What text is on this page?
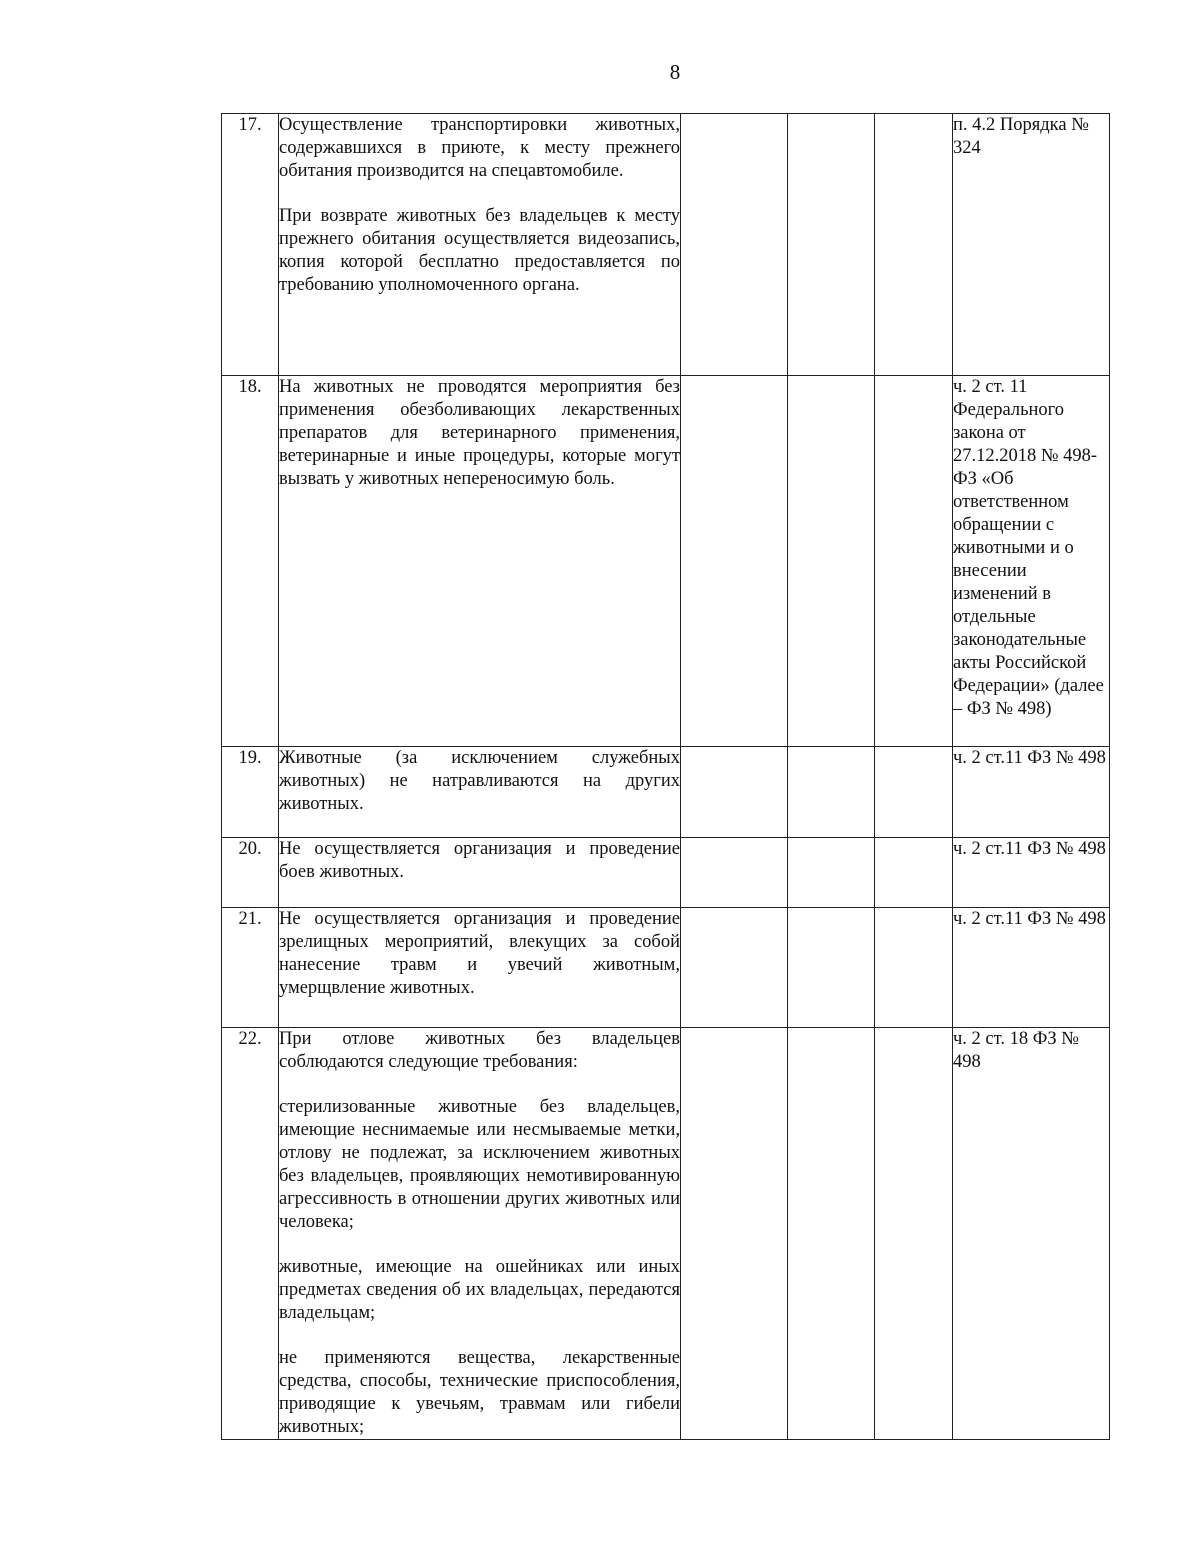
8
17.	Осуществление транспортировки животных, содержавшихся в приюте, к месту прежнего обитания производится на спецавтомобиле.

При возврате животных без владельцев к месту прежнего обитания осуществляется видеозапись, копия которой бесплатно предоставляется по требованию уполномоченного органа.				п. 4.2 Порядка № 324
18.	На животных не проводятся мероприятия без применения обезболивающих лекарственных препаратов для ветеринарного применения, ветеринарные и иные процедуры, которые могут вызвать у животных непереносимую боль.				ч. 2 ст. 11 Федерального закона от 27.12.2018 № 498-ФЗ «Об ответственном обращении с животными и о внесении изменений в отдельные законодательные акты Российской Федерации» (далее – ФЗ № 498)
19.	Животные (за исключением служебных животных) не натравливаются на других животных.				ч. 2 ст.11 ФЗ № 498
20.	Не осуществляется организация и проведение боев животных.				ч. 2 ст.11 ФЗ № 498
21.	Не осуществляется организация и проведение зрелищных мероприятий, влекущих за собой нанесение травм и увечий животным, умерщвление животных.				ч. 2 ст.11 ФЗ № 498
22.	При отлове животных без владельцев соблюдаются следующие требования:

стерилизованные животные без владельцев, имеющие неснимаемые или несмываемые метки, отлову не подлежат, за исключением животных без владельцев, проявляющих немотивированную агрессивность в отношении других животных или человека;

животные, имеющие на ошейниках или иных предметах сведения об их владельцах, передаются владельцам;

не применяются вещества, лекарственные средства, способы, технические приспособления, приводящие к увечьям, травмам или гибели животных;				ч. 2 ст. 18 ФЗ № 498
